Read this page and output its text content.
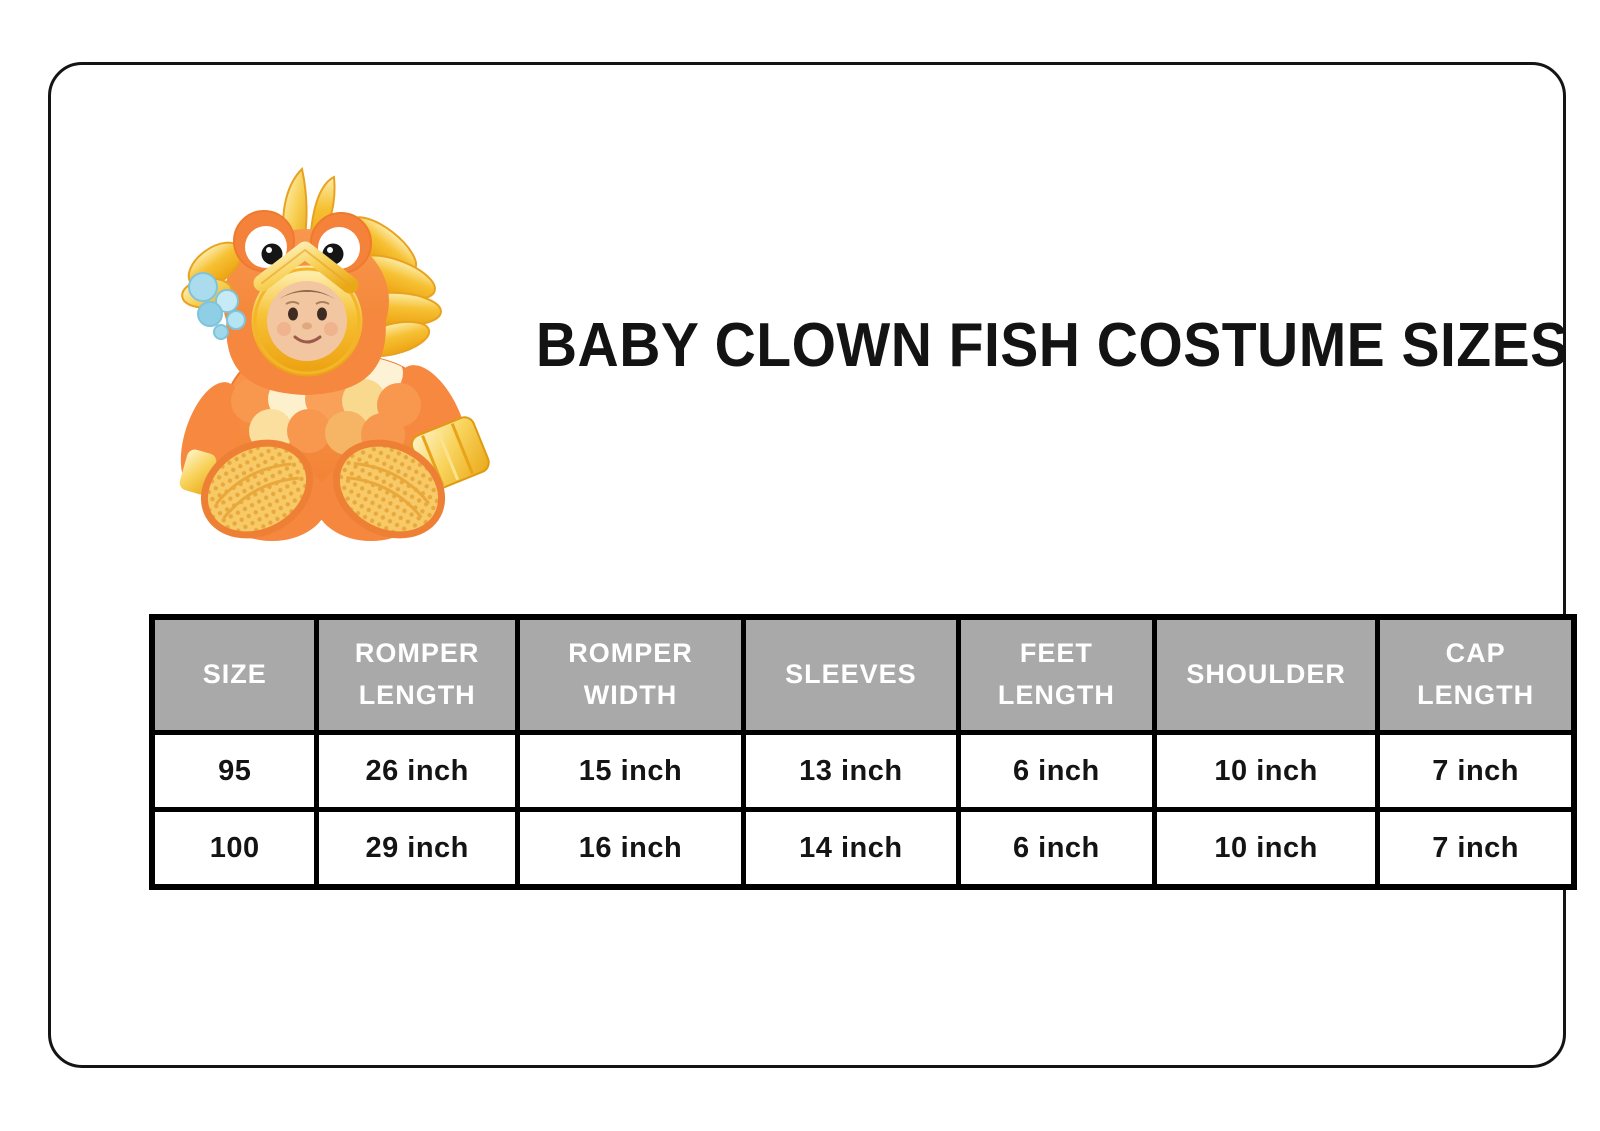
BABY CLOWN FISH COSTUME SIZES
SIZE	ROMPER LENGTH	ROMPER WIDTH	SLEEVES	FEET LENGTH	SHOULDER	CAP LENGTH
95	26 inch	15 inch	13 inch	6 inch	10 inch	7 inch
100	29 inch	16 inch	14 inch	6 inch	10 inch	7 inch
